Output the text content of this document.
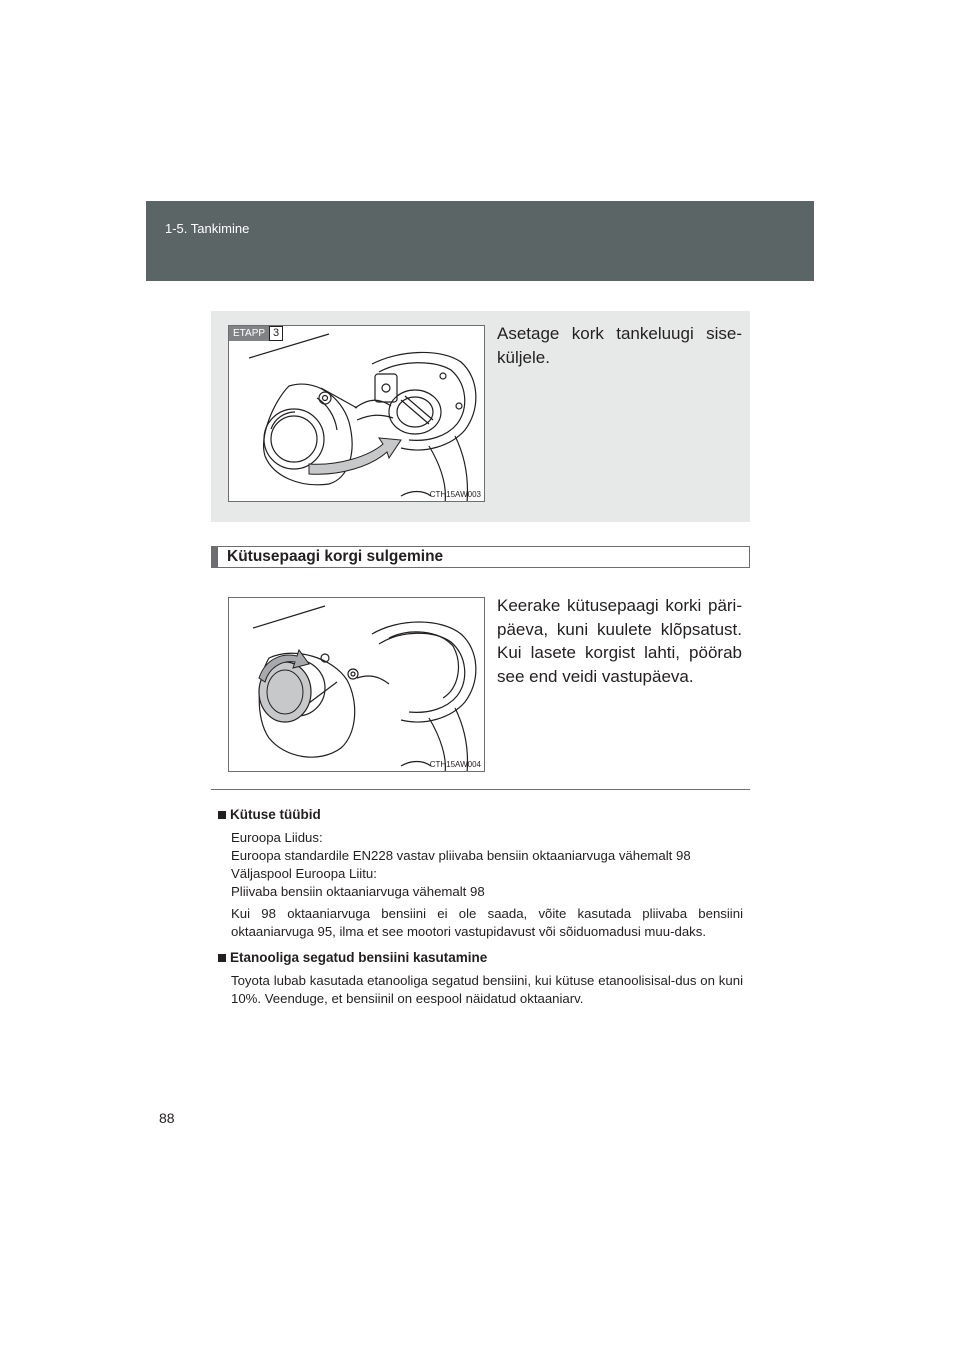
1-5. Tankimine
ETAPP 3
CTH15AW003
Asetage kork tankeluugi sise-küljele.
Kütusepaagi korgi sulgemine
CTH15AW004
Keerake kütusepaagi korki päri-päeva, kuni kuulete klõpsatust. Kui lasete korgist lahti, pöörab see end veidi vastupäeva.
Kütuse tüübid
Euroopa Liidus:
Euroopa standardile EN228 vastav pliivaba bensiin oktaaniarvuga vähemalt 98
Väljaspool Euroopa Liitu:
Pliivaba bensiin oktaaniarvuga vähemalt 98

Kui 98 oktaaniarvuga bensiini ei ole saada, võite kasutada pliivaba bensiini oktaaniarvuga 95, ilma et see mootori vastupidavust või sõiduomadusi muu-daks.

Etanooliga segatud bensiini kasutamine

Toyota lubab kasutada etanooliga segatud bensiini, kui kütuse etanoolisisal-dus on kuni 10%. Veenduge, et bensiinil on eespool näidatud oktaaniarv.

88
